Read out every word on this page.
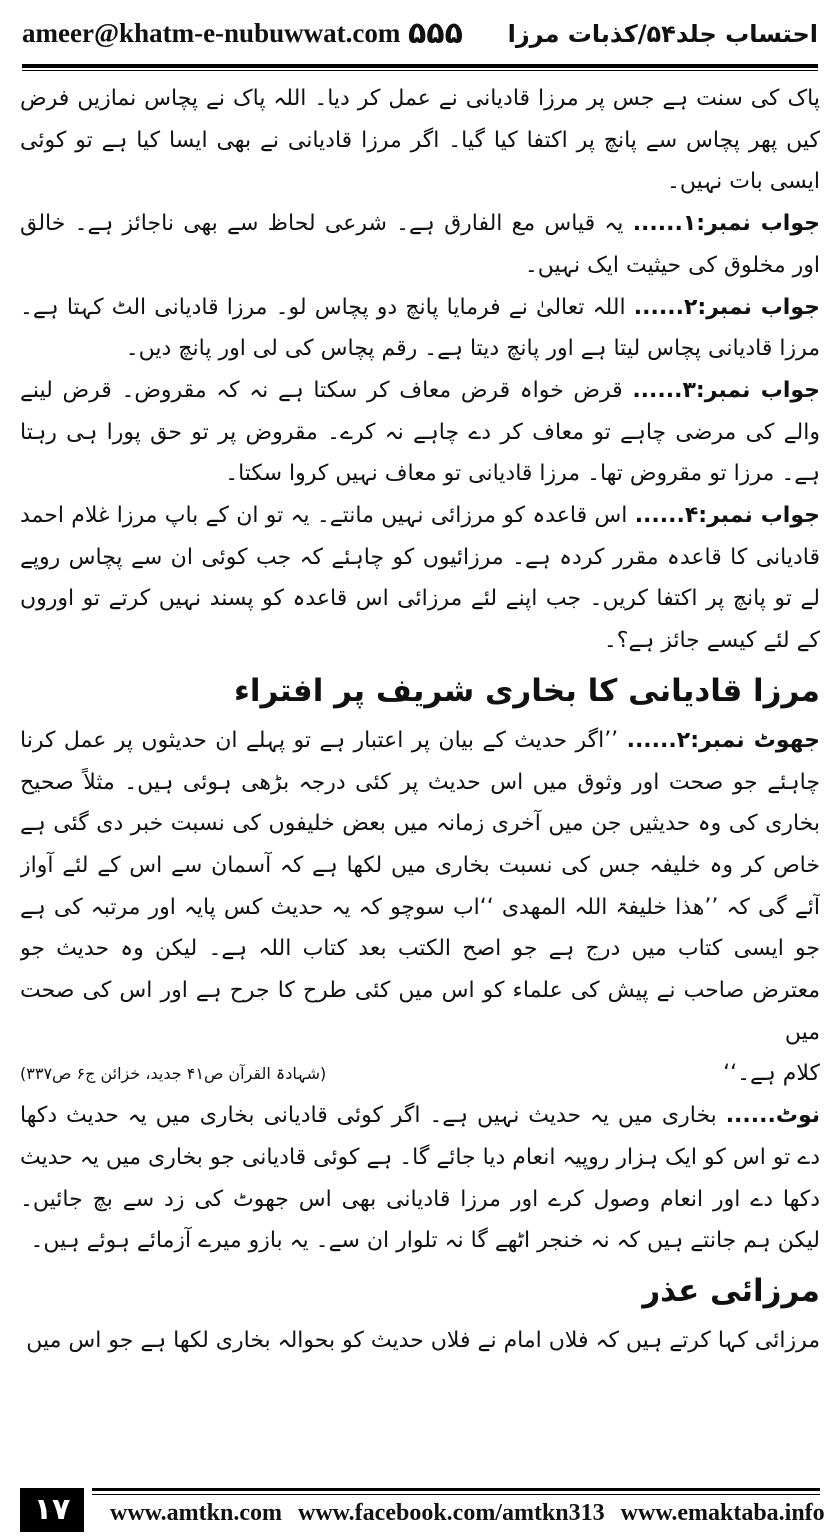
ameer@khatm-e-nubuwwat.com ۵۵۵ احتساب جلد۵۴/کذبات مرزا

پاک کی سنت ہے جس پر مرزا قادیانی نے عمل کر دیا۔ اللہ پاک نے پچاس نمازیں فرض کیں پھر پچاس سے پانچ پر اکتفا کیا گیا۔ اگر مرزا قادیانی نے بھی ایسا کیا ہے تو کوئی ایسی بات نہیں۔

جواب نمبر:۱...... یہ قیاس مع الفارق ہے۔ شرعی لحاظ سے بھی ناجائز ہے۔ خالق اور مخلوق کی حیثیت ایک نہیں۔

جواب نمبر:۲...... اللہ تعالیٰ نے فرمایا پانچ دو پچاس لو۔ مرزا قادیانی الٹ کہتا ہے۔ مرزا قادیانی پچاس لیتا ہے اور پانچ دیتا ہے۔ رقم پچاس کی لی اور پانچ دیں۔

جواب نمبر:۳...... قرض خواہ قرض معاف کر سکتا ہے نہ کہ مقروض۔ قرض لینے والے کی مرضی چاہے تو معاف کر دے چاہے نہ کرے۔ مقروض پر تو حق پورا ہی رہتا ہے۔ مرزا تو مقروض تھا۔ مرزا قادیانی تو معاف نہیں کروا سکتا۔

جواب نمبر:۴...... اس قاعدہ کو مرزائی نہیں مانتے۔ یہ تو ان کے باپ مرزا غلام احمد قادیانی کا قاعدہ مقرر کردہ ہے۔ مرزائیوں کو چاہئے کہ جب کوئی ان سے پچاس روپے لے تو پانچ پر اکتفا کریں۔ جب اپنے لئے مرزائی اس قاعدہ کو پسند نہیں کرتے تو اوروں کے لئے کیسے جائز ہے؟۔

مرزا قادیانی کا بخاری شریف پر افتراء

جھوٹ نمبر:۲...... ’’اگر حدیث کے بیان پر اعتبار ہے تو پہلے ان حدیثوں پر عمل کرنا چاہئے جو صحت اور وثوق میں اس حدیث پر کئی درجہ بڑھی ہوئی ہیں۔ مثلاً صحیح بخاری کی وہ حدیثیں جن میں آخری زمانہ میں بعض خلیفوں کی نسبت خبر دی گئی ہے خاص کر وہ خلیفہ جس کی نسبت بخاری میں لکھا ہے کہ آسمان سے اس کے لئے آواز آئے گی کہ ’’ھذا خلیفۃ اللہ المھدی ‘‘اب سوچو کہ یہ حدیث کس پایہ اور مرتبہ کی ہے جو ایسی کتاب میں درج ہے جو اصح الکتب بعد کتاب اللہ ہے۔ لیکن وہ حدیث جو معترض صاحب نے پیش کی علماء کو اس میں کئی طرح کا جرح ہے اور اس کی صحت میں

کلام ہے۔‘‘
(شہادۃ القرآن ص۴۱ جدید، خزائن ج۶ ص۳۳۷)

نوٹ...... بخاری میں یہ حدیث نہیں ہے۔ اگر کوئی قادیانی بخاری میں یہ حدیث دکھا دے تو اس کو ایک ہزار روپیہ انعام دیا جائے گا۔ ہے کوئی قادیانی جو بخاری میں یہ حدیث دکھا دے اور انعام وصول کرے اور مرزا قادیانی بھی اس جھوٹ کی زد سے بچ جائیں۔ لیکن ہم جانتے ہیں کہ نہ خنجر اٹھے گا نہ تلوار ان سے۔ یہ بازو میرے آزمائے ہوئے ہیں۔

مرزائی عذر

مرزائی کہا کرتے ہیں کہ فلاں امام نے فلاں حدیث کو بحوالہ بخاری لکھا ہے جو اس میں

۱۷	www.amtkn.com www.facebook.com/amtkn313 www.emaktaba.info
